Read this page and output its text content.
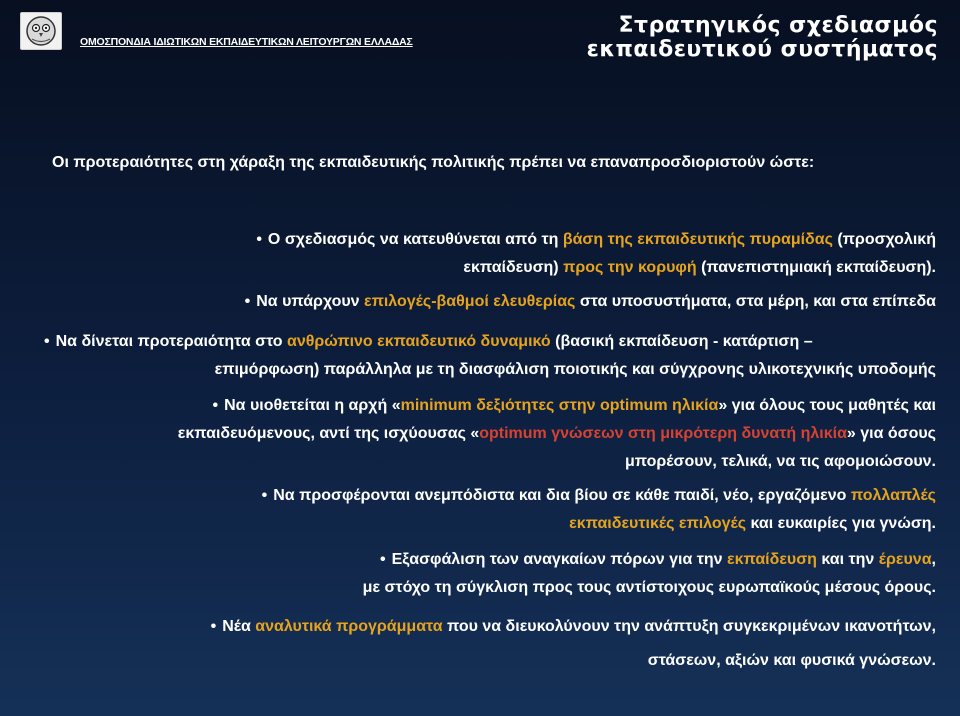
ΟΜΟΣΠΟΝΔΙΑ ΙΔΙΩΤΙΚΩΝ ΕΚΠΑΙΔΕΥΤΙΚΩΝ ΛΕΙΤΟΥΡΓΩΝ ΕΛΛΑΔΑΣ
Στρατηγικός σχεδιασμός
εκπαιδευτικού συστήματος
Οι προτεραιότητες στη χάραξη της εκπαιδευτικής πολιτικής πρέπει να επαναπροσδιοριστούν ώστε:
• Ο σχεδιασμός να κατευθύνεται από τη βάση της εκπαιδευτικής πυραμίδας (προσχολική
εκπαίδευση) προς την κορυφή (πανεπιστημιακή εκπαίδευση).
• Να υπάρχουν επιλογές-βαθμοί ελευθερίας στα υποσυστήματα, στα μέρη, και στα επίπεδα
• Να δίνεται προτεραιότητα στο ανθρώπινο εκπαιδευτικό δυναμικό (βασική εκπαίδευση - κατάρτιση –
επιμόρφωση) παράλληλα με τη διασφάλιση ποιοτικής και σύγχρονης υλικοτεχνικής υποδομής
• Να υιοθετείται η αρχή «minimum δεξιότητες στην optimum ηλικία» για όλους τους μαθητές και
εκπαιδευόμενους, αντί της ισχύουσας «optimum γνώσεων στη μικρότερη δυνατή ηλικία» για όσους
μπορέσουν, τελικά, να τις αφομοιώσουν.
• Να προσφέρονται ανεμπόδιστα και δια βίου σε κάθε παιδί, νέο, εργαζόμενο πολλαπλές
εκπαιδευτικές επιλογές και ευκαιρίες για γνώση.
• Εξασφάλιση των αναγκαίων πόρων για την εκπαίδευση και την έρευνα,
με στόχο τη σύγκλιση προς τους αντίστοιχους ευρωπαϊκούς μέσους όρους.
• Νέα αναλυτικά προγράμματα που να διευκολύνουν την ανάπτυξη συγκεκριμένων ικανοτήτων,
στάσεων, αξιών και φυσικά γνώσεων.
